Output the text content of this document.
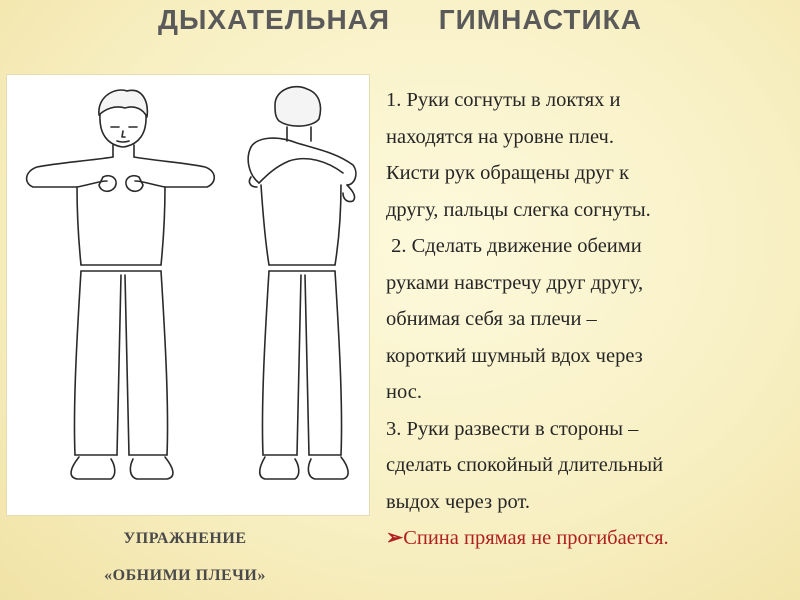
ДЫХАТЕЛЬНАЯ ГИМНАСТИКА
УПРАЖНЕНИЕ
«ОБНИМИ ПЛЕЧИ»

1. Руки согнуты в локтях и

находятся на уровне плеч.

Кисти рук обращены друг к

другу, пальцы слегка согнуты.

2. Сделать движение обеими

руками навстречу друг другу,

обнимая себя за плечи –

короткий шумный вдох через

нос.

3. Руки развести в стороны –

сделать спокойный длительный

выдох через рот.

➢Спина прямая не прогибается.
